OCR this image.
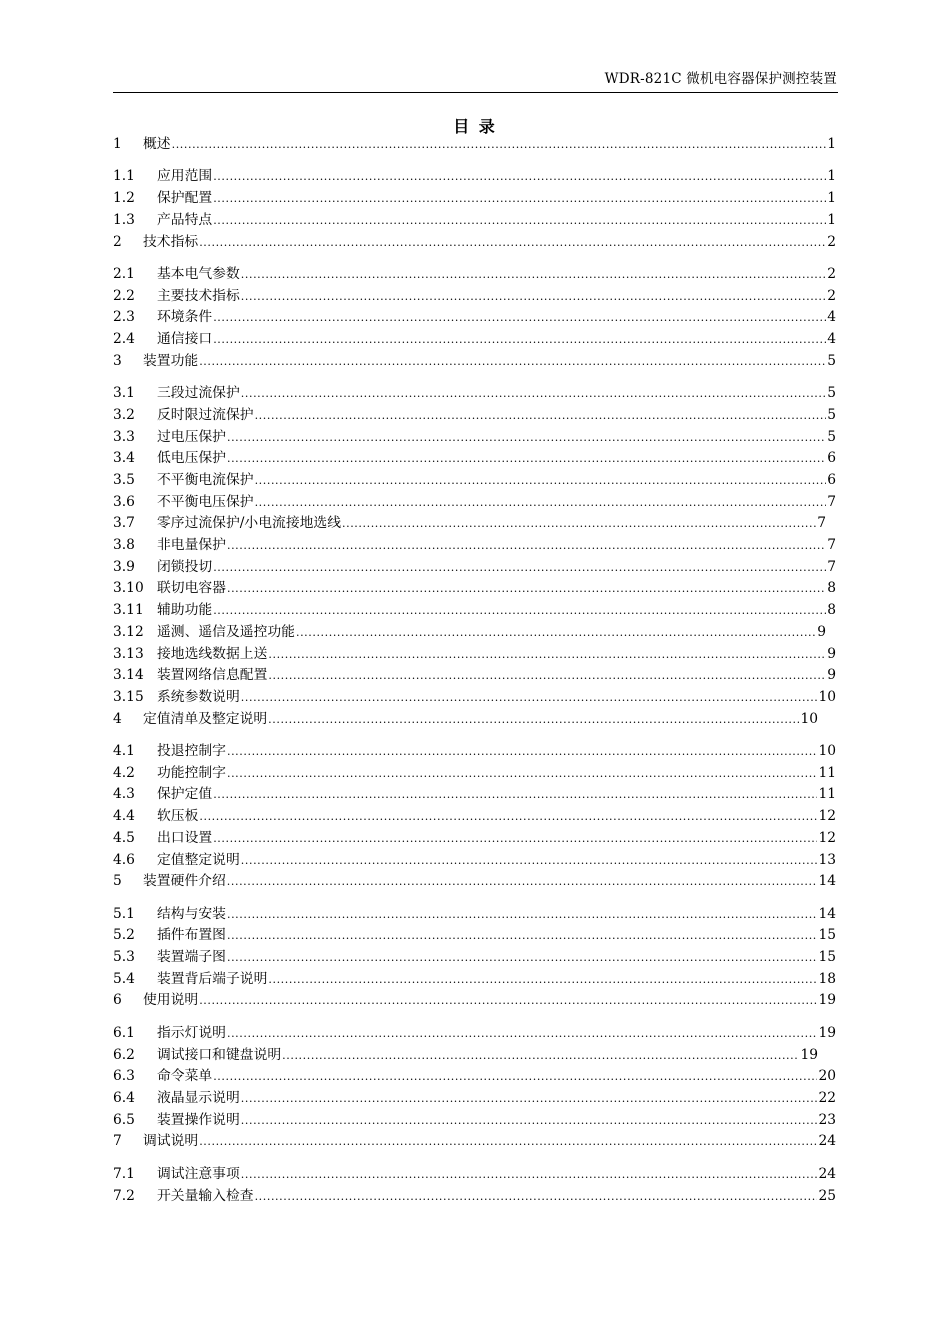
WDR-821C 微机电容器保护测控装置
目 录
1	概述 .....	1
1.1	应用范围 .....	1
1.2	保护配置 .....	1
1.3	产品特点 .....	1
2	技术指标 .....	2
2.1	基本电气参数 .....	2
2.2	主要技术指标 .....	2
2.3	环境条件 .....	4
2.4	通信接口 .....	4
3	装置功能 .....	5
3.1	三段过流保护 .....	5
3.2	反时限过流保护 .....	5
3.3	过电压保护 .....	5
3.4	低电压保护 .....	6
3.5	不平衡电流保护 .....	6
3.6	不平衡电压保护 .....	7
3.7	零序过流保护/小电流接地选线 .....	7
3.8	非电量保护 .....	7
3.9	闭锁投切 .....	7
3.10 联切电容器 .....	8
3.11 辅助功能 .....	8
3.12 遥测、遥信及遥控功能 .....	9
3.13 接地选线数据上送 .....	9
3.14 装置网络信息配置 .....	9
3.15 系统参数说明 .....	10
4	定值清单及整定说明 .....	10
4.1	投退控制字 .....	10
4.2	功能控制字 .....	11
4.3	保护定值 .....	11
4.4	软压板 .....	12
4.5	出口设置 .....	12
4.6	定值整定说明 .....	13
5	装置硬件介绍 .....	14
5.1	结构与安装 .....	14
5.2	插件布置图 .....	15
5.3	装置端子图 .....	15
5.4	装置背后端子说明 .....	18
6	使用说明 .....	19
6.1	指示灯说明 .....	19
6.2	调试接口和键盘说明 .....	19
6.3	命令菜单 .....	20
6.4	液晶显示说明 .....	22
6.5	装置操作说明 .....	23
7	调试说明 .....	24
7.1	调试注意事项 .....	24
7.2	开关量输入检查 .....	25
